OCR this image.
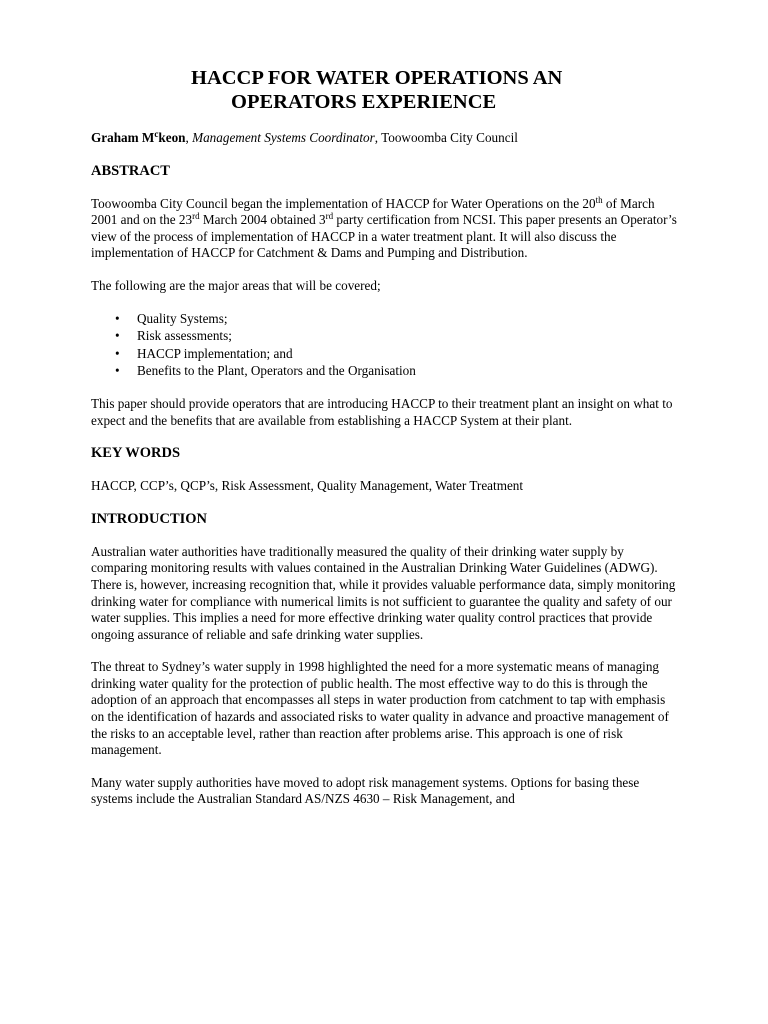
HACCP FOR WATER OPERATIONS AN
OPERATORS EXPERIENCE

Graham $M^ckeon$, Management Systems Coordinator, Toowoomba City Council

ABSTRACT

Toowoomba City Council began the implementation of HACCP for Water Operations on the 20th of March 2001 and on the 23rd March 2004 obtained 3rd party certification from NCSI. This paper presents an Operator’s view of the process of implementation of HACCP in a water treatment plant. It will also discuss the implementation of HACCP for Catchment & Dams and Pumping and Distribution.

The following are the major areas that will be covered;

• Quality Systems;
• Risk assessments;
• HACCP implementation; and
• Benefits to the Plant, Operators and the Organisation

This paper should provide operators that are introducing HACCP to their treatment plant an insight on what to expect and the benefits that are available from establishing a HACCP System at their plant.

KEY WORDS

HACCP, CCP’s, QCP’s, Risk Assessment, Quality Management, Water Treatment

INTRODUCTION

Australian water authorities have traditionally measured the quality of their drinking water supply by comparing monitoring results with values contained in the Australian Drinking Water Guidelines (ADWG). There is, however, increasing recognition that, while it provides valuable performance data, simply monitoring drinking water for compliance with numerical limits is not sufficient to guarantee the quality and safety of our water supplies. This implies a need for more effective drinking water quality control practices that provide ongoing assurance of reliable and safe drinking water supplies.

The threat to Sydney’s water supply in 1998 highlighted the need for a more systematic means of managing drinking water quality for the protection of public health. The most effective way to do this is through the adoption of an approach that encompasses all steps in water production from catchment to tap with emphasis on the identification of hazards and associated risks to water quality in advance and proactive management of the risks to an acceptable level, rather than reaction after problems arise. This approach is one of risk management.

Many water supply authorities have moved to adopt risk management systems. Options for basing these systems include the Australian Standard AS/NZS 4630 – Risk Management, and
